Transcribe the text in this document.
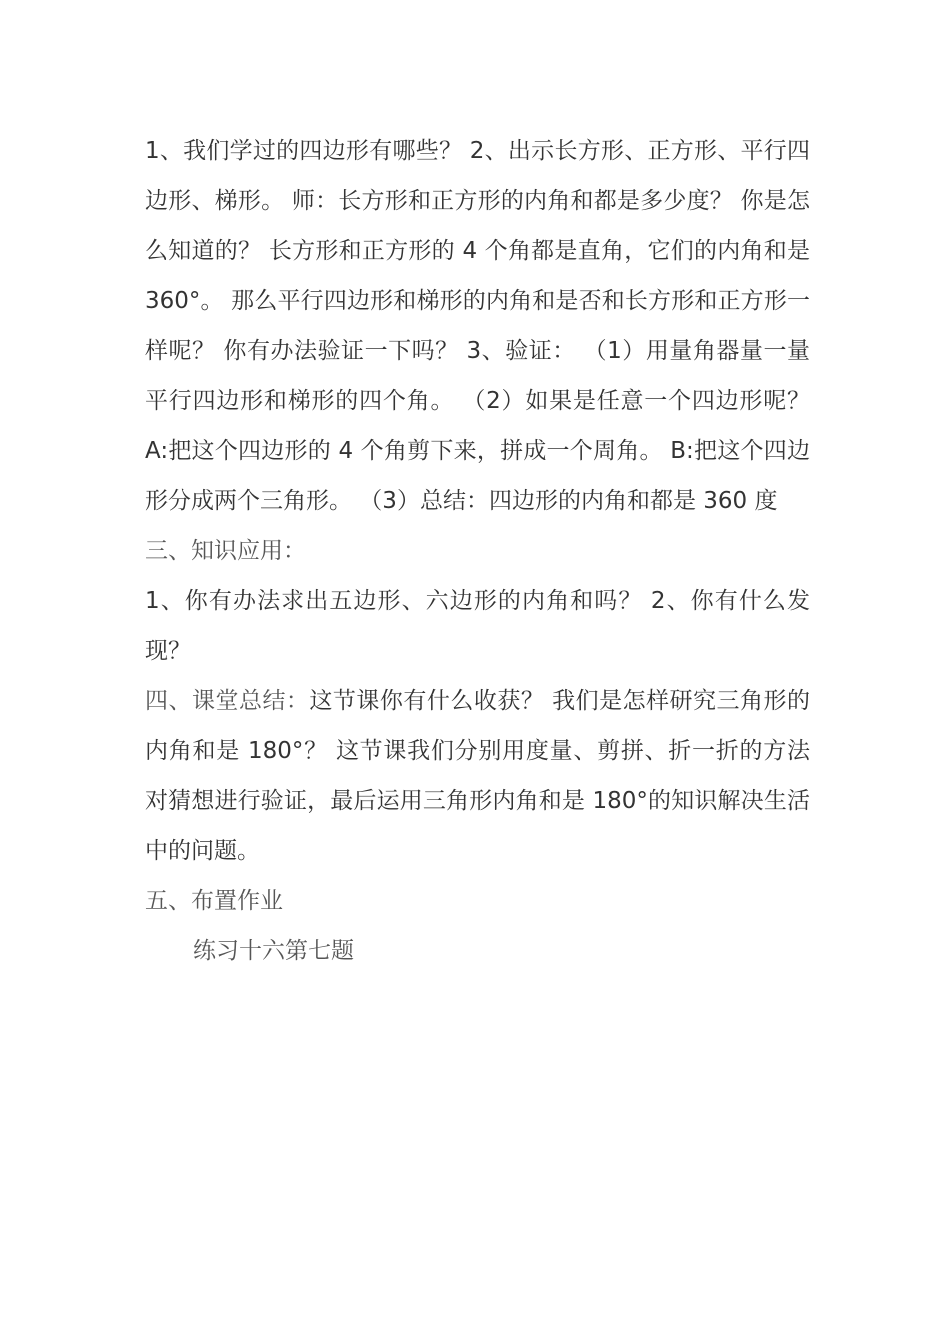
1、我们学过的四边形有哪些？ 2、出示长方形、正方形、平行四边形、梯形。 师：长方形和正方形的内角和都是多少度？ 你是怎么知道的？ 长方形和正方形的 4 个角都是直角，它们的内角和是 360°。 那么平行四边形和梯形的内角和是否和长方形和正方形一样呢？ 你有办法验证一下吗？ 3、验证： （1）用量角器量一量平行四边形和梯形的四个角。 （2）如果是任意一个四边形呢？ A:把这个四边形的 4 个角剪下来，拼成一个周角。 B:把这个四边形分成两个三角形。 （3）总结：四边形的内角和都是 360 度

三、知识应用：

1、你有办法求出五边形、六边形的内角和吗？ 2、你有什么发现？

四、课堂总结：这节课你有什么收获？ 我们是怎样研究三角形的内角和是 180°？ 这节课我们分别用度量、剪拼、折一折的方法对猜想进行验证，最后运用三角形内角和是 180°的知识解决生活中的问题。

五、布置作业

练习十六第七题
